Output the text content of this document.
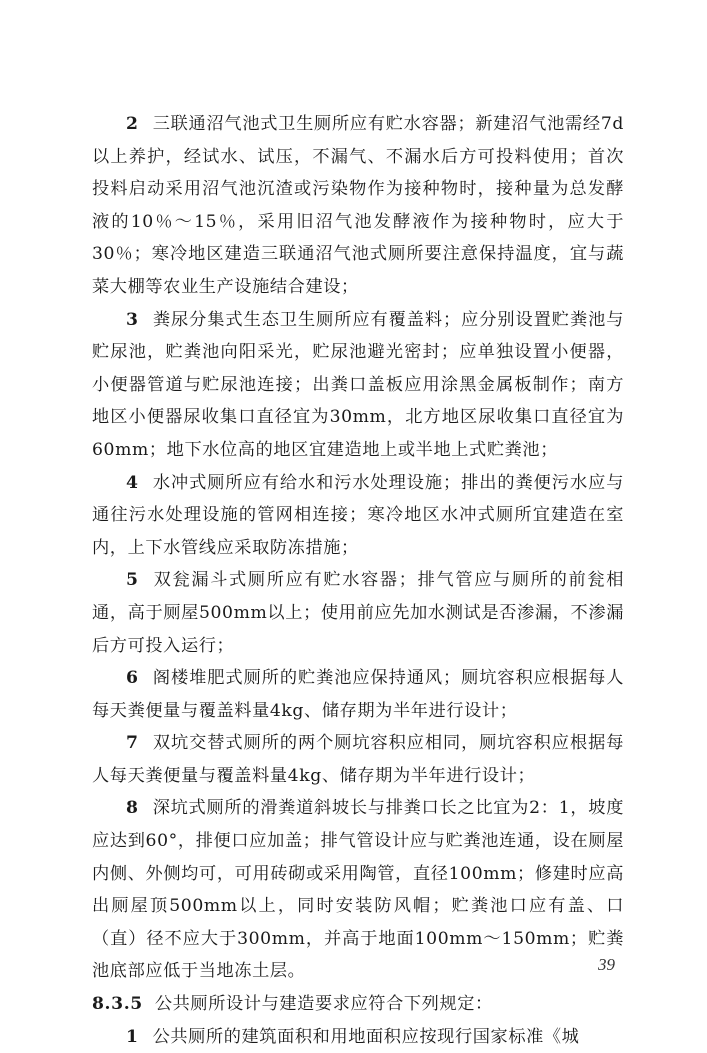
2 三联通沼气池式卫生厕所应有贮水容器；新建沼气池需经7d以上养护，经试水、试压，不漏气、不漏水后方可投料使用；首次投料启动采用沼气池沉渣或污染物作为接种物时，接种量为总发酵液的10％～15％，采用旧沼气池发酵液作为接种物时，应大于30％；寒冷地区建造三联通沼气池式厕所要注意保持温度，宜与蔬菜大棚等农业生产设施结合建设；

3 粪尿分集式生态卫生厕所应有覆盖料；应分别设置贮粪池与贮尿池，贮粪池向阳采光，贮尿池避光密封；应单独设置小便器，小便器管道与贮尿池连接；出粪口盖板应用涂黑金属板制作；南方地区小便器尿收集口直径宜为30mm，北方地区尿收集口直径宜为60mm；地下水位高的地区宜建造地上或半地上式贮粪池；

4 水冲式厕所应有给水和污水处理设施；排出的粪便污水应与通往污水处理设施的管网相连接；寒冷地区水冲式厕所宜建造在室内，上下水管线应采取防冻措施；

5 双瓮漏斗式厕所应有贮水容器；排气管应与厕所的前瓮相通，高于厕屋500mm以上；使用前应先加水测试是否渗漏，不渗漏后方可投入运行；

6 阁楼堆肥式厕所的贮粪池应保持通风；厕坑容积应根据每人每天粪便量与覆盖料量4kg、储存期为半年进行设计；

7 双坑交替式厕所的两个厕坑容积应相同，厕坑容积应根据每人每天粪便量与覆盖料量4kg、储存期为半年进行设计；

8 深坑式厕所的滑粪道斜坡长与排粪口长之比宜为2：1，坡度应达到60°，排便口应加盖；排气管设计应与贮粪池连通，设在厕屋内侧、外侧均可，可用砖砌或采用陶管，直径100mm；修建时应高出厕屋顶500mm以上，同时安装防风帽；贮粪池口应有盖、口（直）径不应大于300mm，并高于地面100mm～150mm；贮粪池底部应低于当地冻土层。

8.3.5 公共厕所设计与建造要求应符合下列规定：

1 公共厕所的建筑面积和用地面积应按现行国家标准《城

39
